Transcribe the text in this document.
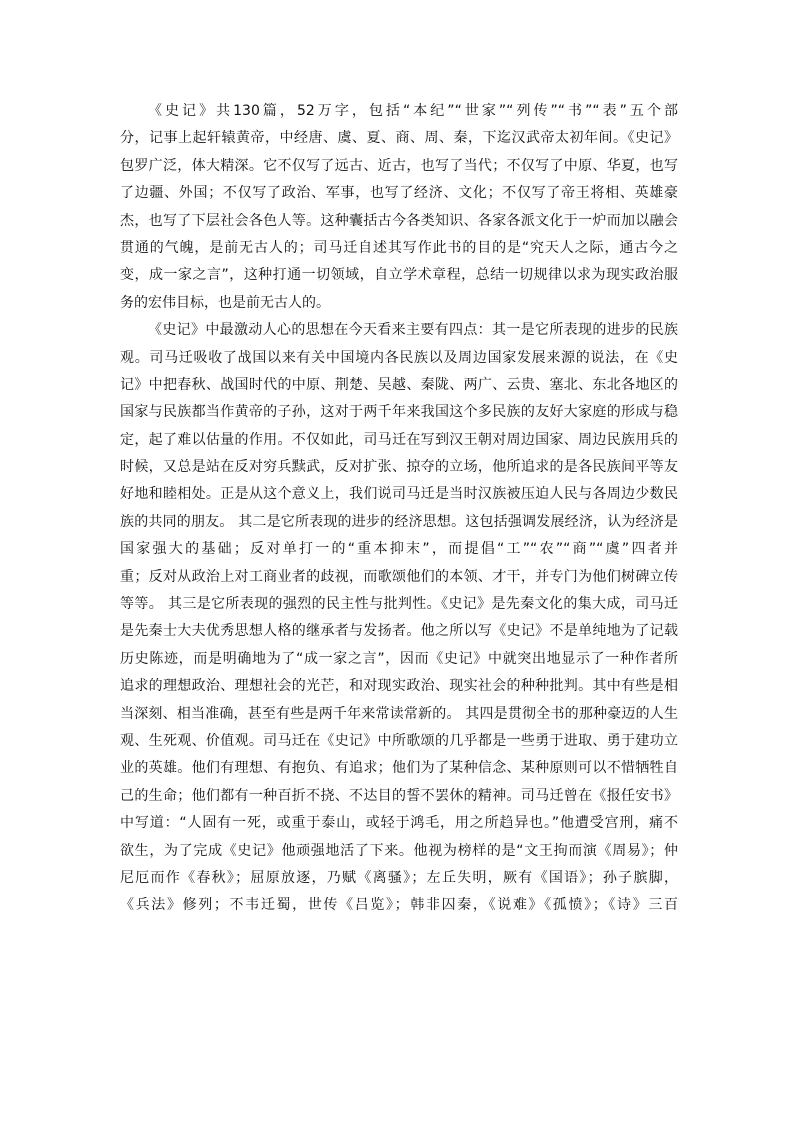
《史记》共130篇，52万字，包括“本纪”“世家”“列传”“书”“表”五个部
分，记事上起轩辕黄帝，中经唐、虞、夏、商、周、秦，下迄汉武帝太初年间。《史记》
包罗广泛，体大精深。它不仅写了远古、近古，也写了当代；不仅写了中原、华夏，也写
了边疆、外国；不仅写了政治、军事，也写了经济、文化；不仅写了帝王将相、英雄豪
杰，也写了下层社会各色人等。这种囊括古今各类知识、各家各派文化于一炉而加以融会
贯通的气魄，是前无古人的；司马迁自述其写作此书的目的是“究天人之际，通古今之
变，成一家之言”，这种打通一切领域，自立学术章程，总结一切规律以求为现实政治服
务的宏伟目标，也是前无古人的。
《史记》中最激动人心的思想在今天看来主要有四点：其一是它所表现的进步的民族
观。司马迁吸收了战国以来有关中国境内各民族以及周边国家发展来源的说法，在《史
记》中把春秋、战国时代的中原、荆楚、吴越、秦陇、两广、云贵、塞北、东北各地区的
国家与民族都当作黄帝的子孙，这对于两千年来我国这个多民族的友好大家庭的形成与稳
定，起了难以估量的作用。不仅如此，司马迁在写到汉王朝对周边国家、周边民族用兵的
时候，又总是站在反对穷兵黩武，反对扩张、掠夺的立场，他所追求的是各民族间平等友
好地和睦相处。正是从这个意义上，我们说司马迁是当时汉族被压迫人民与各周边少数民
族的共同的朋友。 其二是它所表现的进步的经济思想。这包括强调发展经济，认为经济是
国家强大的基础；反对单打一的“重本抑末”，而提倡“工”“农”“商”“虞”四者并
重；反对从政治上对工商业者的歧视，而歌颂他们的本领、才干，并专门为他们树碑立传
等等。 其三是它所表现的强烈的民主性与批判性。《史记》是先秦文化的集大成，司马迁
是先秦士大夫优秀思想人格的继承者与发扬者。他之所以写《史记》不是单纯地为了记载
历史陈迹，而是明确地为了“成一家之言”，因而《史记》中就突出地显示了一种作者所
追求的理想政治、理想社会的光芒，和对现实政治、现实社会的种种批判。其中有些是相
当深刻、相当准确，甚至有些是两千年来常读常新的。 其四是贯彻全书的那种豪迈的人生
观、生死观、价值观。司马迁在《史记》中所歌颂的几乎都是一些勇于进取、勇于建功立
业的英雄。他们有理想、有抱负、有追求；他们为了某种信念、某种原则可以不惜牺牲自
己的生命；他们都有一种百折不挠、不达目的誓不罢休的精神。司马迁曾在《报任安书》
中写道：“人固有一死，或重于泰山，或轻于鸿毛，用之所趋异也。”他遭受宫刑，痛不
欲生，为了完成《史记》他顽强地活了下来。他视为榜样的是“文王拘而演《周易》；仲
尼厄而作《春秋》；屈原放逐，乃赋《离骚》；左丘失明，厥有《国语》；孙子膑脚，
《兵法》修列；不韦迁蜀，世传《吕览》；韩非囚秦，《说难》《孤愤》；《诗》三百
